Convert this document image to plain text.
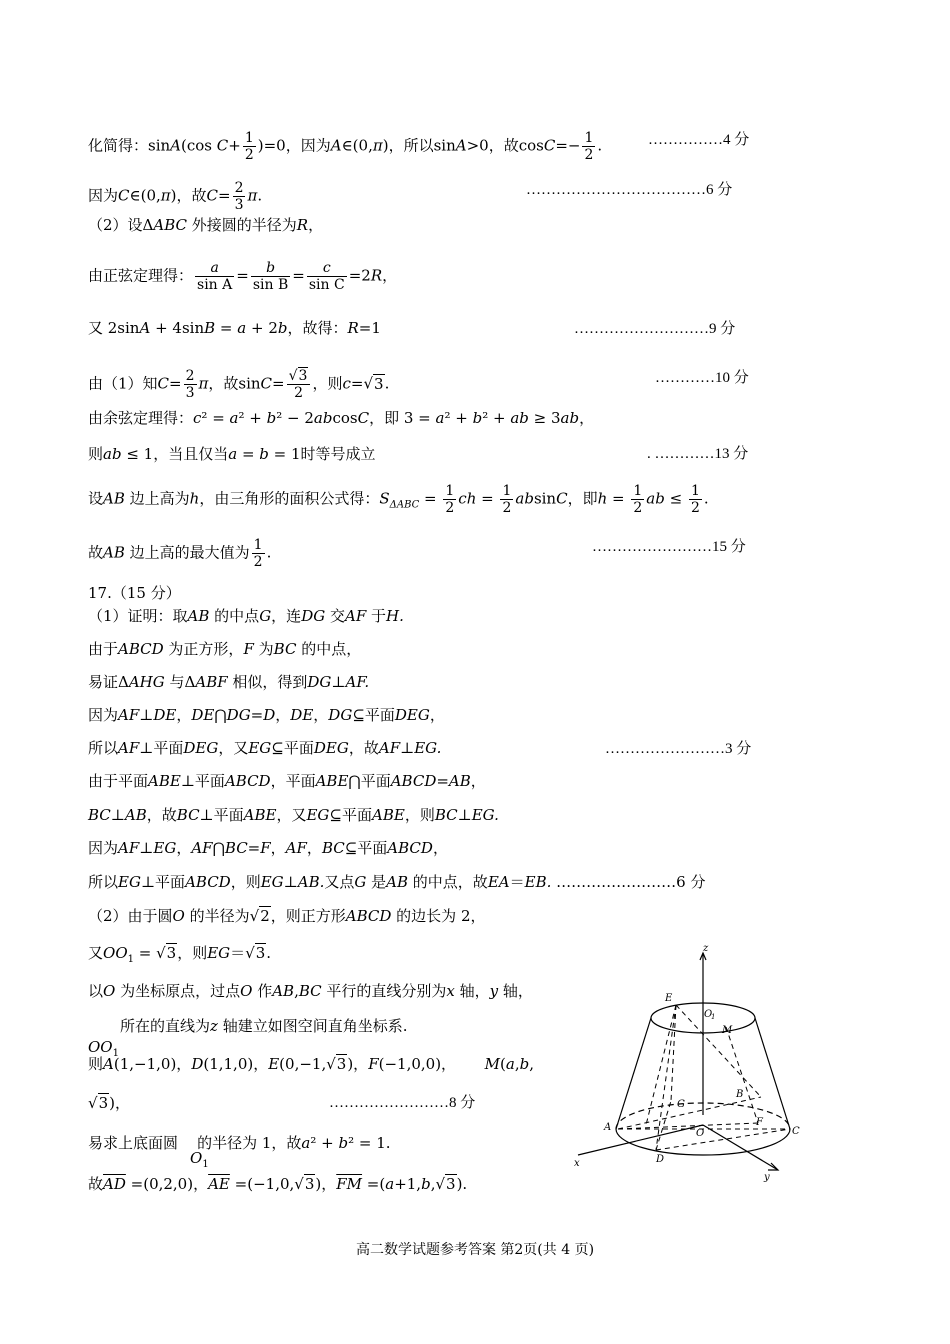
化简得：sinA(cos $C+ \frac{1}{2} )=0$，因为A∈(0,π)，所以sinA>0，故$\cos C=- \frac{1}{2}$ .	……………4 分
因为C∈(0,π)，故$C= \frac{2}{3} \pi$.	………………………………6 分
（2）设ΔABC 外接圆的半径为R，
由正弦定理得： $\frac{a}{\text{sin A}} = \frac{b}{\text{sin B}} = \frac{c}{\text{sin C}} =2R$，
又 2sinA + 4sinB = a + 2b，故得：R=1	………………………9 分
由（1）知$C= \frac{2}{3}$ π，故$\sin C= \frac{√3}{2}$ ，则c=√3.	…………10 分
由余弦定理得：c² = a² + b² − 2abcosC，即 3 = a² + b² + ab ≥ 3ab，
则ab ≤ 1，当且仅当a = b = 1时等号成立	. …………13 分
设AB 边上高为h，由三角形的面积公式得：$S_{\Delta ABC} = \frac{1}{2}$ ch = $\frac{1}{2}$ absinC，即$h = \frac{1}{2}$ ab ≤ $\frac{1}{2}$ .
故AB 边上高的最大值为 $\frac{1}{2}$ .	……………………15 分
17.（15 分）
（1）证明：取AB 的中点G，连DG 交AF 于H.
由于ABCD 为正方形，F 为BC 的中点，
易证ΔAHG 与ΔABF 相似，得到DG⊥AF.
因为AF⊥DE，DE⋂DG=D，DE，DG⊆平面DEG，
所以AF⊥平面DEG，又EG⊆平面DEG，故AF⊥EG.	……………………3 分
由于平面ABE⊥平面ABCD，平面ABE⋂平面ABCD=AB，
BC⊥AB，故BC⊥平面ABE，又EG⊆平面ABE，则BC⊥EG.
因为AF⊥EG，AF⋂BC=F，AF，BC⊆平面ABCD，
所以EG⊥平面ABCD，则EG⊥AB.又点G 是AB 的中点，故EA＝EB. ……………………6 分
（2）由于圆O 的半径为√2，则正方形ABCD 的边长为 2，
又$OO_1 = √3$，则EG＝√3.
以O 为坐标原点，过点O 作AB,BC 平行的直线分别为x 轴，y 轴，
所在的直线为z 轴建立如图空间直角坐标系.
$OO_1$
则A(1,−1,0)，D(1,1,0)，E(0,−1,√3)，F(−1,0,0)， M(a,b,
√3)，	……………………8 分
易求上底面圆 的半径为 1，故a² + b² = 1.
$O_1$
故$\overline{AD} =(0,2,0)$，$\overline{AE} =(-1,0,√3)$，$\overline{FM} =(a+1,b,√3)$.
z
E
O
1
M
A
G
B
F
C
O
D
x
y
高二数学试题参考答案 第2页(共 4 页)
